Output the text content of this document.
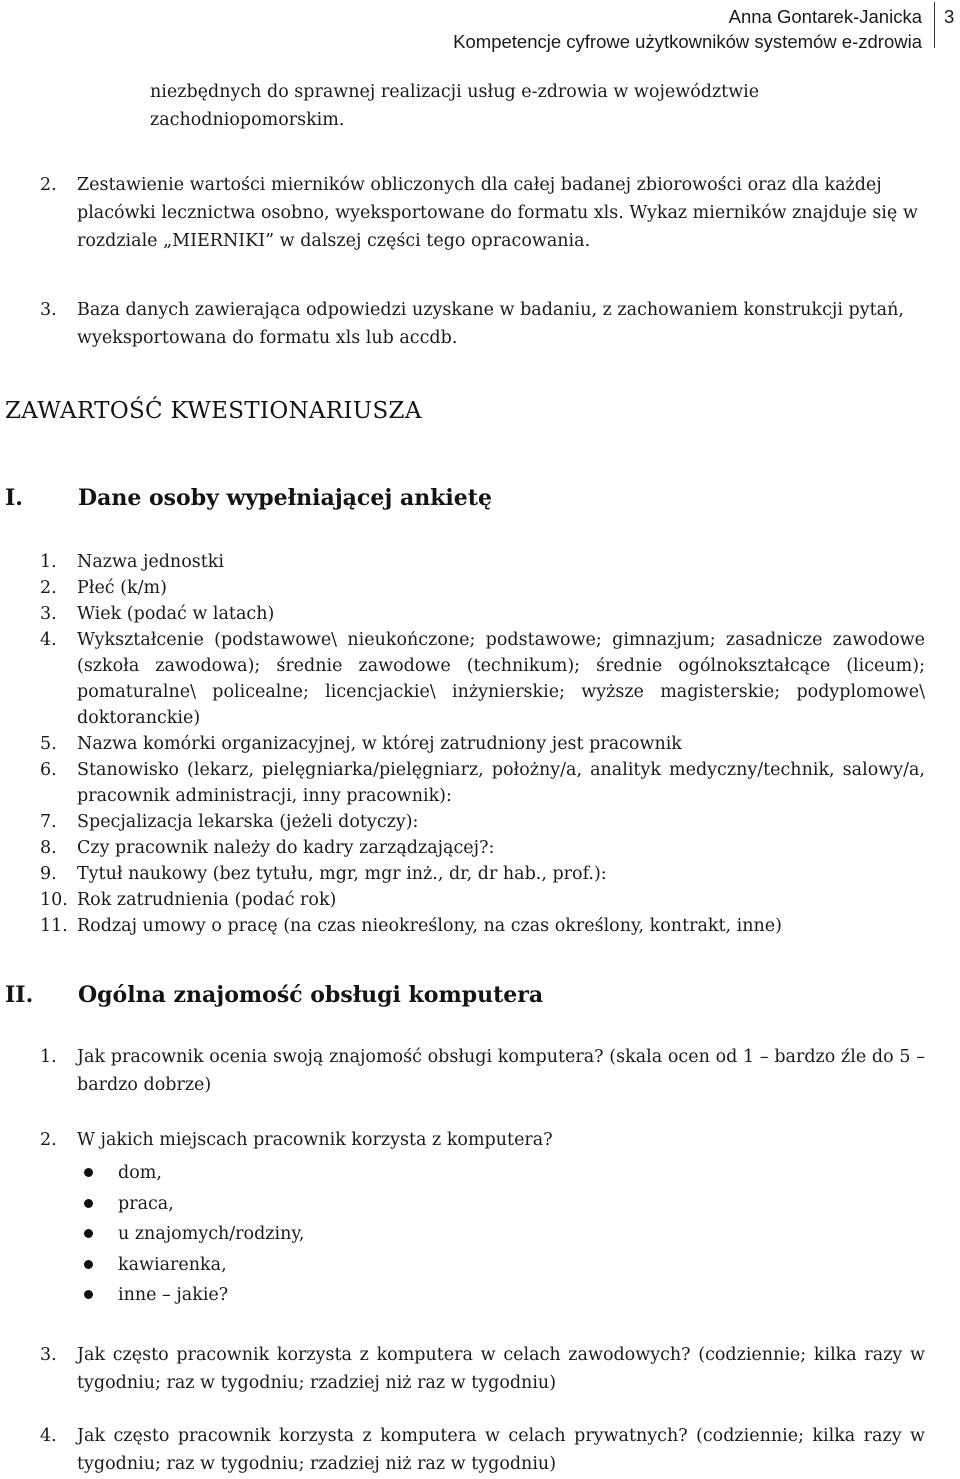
Anna Gontarek-Janicka
Kompetencje cyfrowe użytkowników systemów e-zdrowia
3
niezbędnych do sprawnej realizacji usług e-zdrowia w województwie zachodniopomorskim.
2. Zestawienie wartości mierników obliczonych dla całej badanej zbiorowości oraz dla każdej placówki lecznictwa osobno, wyeksportowane do formatu xls. Wykaz mierników znajduje się w rozdziale „MIERNIKI” w dalszej części tego opracowania.
3. Baza danych zawierająca odpowiedzi uzyskane w badaniu, z zachowaniem konstrukcji pytań, wyeksportowana do formatu xls lub accdb.
ZAWARTOŚĆ KWESTIONARIUSZA
I.	Dane osoby wypełniającej ankietę
1. Nazwa jednostki
2. Płeć (k/m)
3. Wiek (podać w latach)
4. Wykształcenie (podstawowe\ nieukończone; podstawowe; gimnazjum; zasadnicze zawodowe (szkoła zawodowa); średnie zawodowe (technikum); średnie ogólnokształcące (liceum); pomaturalne\ policealne; licencjackie\ inżynierskie; wyższe magisterskie; podyplomowe\ doktoranckie)
5. Nazwa komórki organizacyjnej, w której zatrudniony jest pracownik
6. Stanowisko (lekarz, pielęgniarka/pielęgniarz, położny/a, analityk medyczny/technik, salowy/a, pracownik administracji, inny pracownik):
7. Specjalizacja lekarska (jeżeli dotyczy):
8. Czy pracownik należy do kadry zarządzającej?:
9. Tytuł naukowy (bez tytułu, mgr, mgr inż., dr, dr hab., prof.):
10. Rok zatrudnienia (podać rok)
11. Rodzaj umowy o pracę (na czas nieokreślony, na czas określony, kontrakt, inne)
II. Ogólna znajomość obsługi komputera
1. Jak pracownik ocenia swoją znajomość obsługi komputera? (skala ocen od 1 – bardzo źle do 5 – bardzo dobrze)
2. W jakich miejscach pracownik korzysta z komputera?
dom,
praca,
u znajomych/rodziny,
kawiarenka,
inne – jakie?
3. Jak często pracownik korzysta z komputera w celach zawodowych? (codziennie; kilka razy w tygodniu; raz w tygodniu; rzadziej niż raz w tygodniu)
4. Jak często pracownik korzysta z komputera w celach prywatnych? (codziennie; kilka razy w tygodniu; raz w tygodniu; rzadziej niż raz w tygodniu)
